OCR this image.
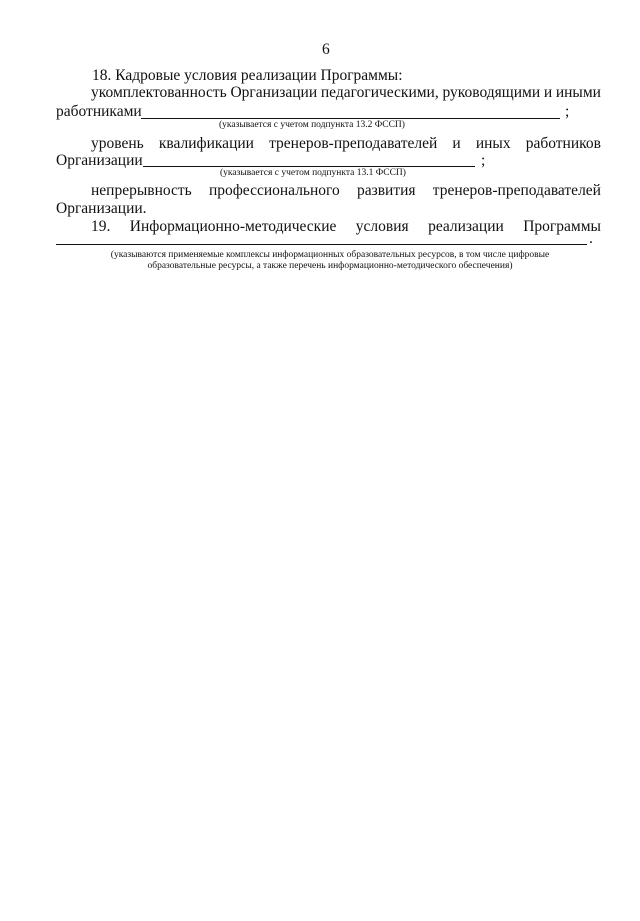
6
18. Кадровые условия реализации Программы:
укомплектованность Организации педагогическими, руководящими и иными
работниками	;
(указывается с учетом подпункта 13.2 ФССП)
уровень квалификации тренеров-преподавателей и иных работников
Организации	;
(указывается с учетом подпункта 13.1 ФССП)
непрерывность профессионального развития тренеров-преподавателей
Организации.
19. Информационно-методические условия реализации Программы
.
(указываются применяемые комплексы информационных образовательных ресурсов, в том числе цифровые
образовательные ресурсы, а также перечень информационно-методического обеспечения)
